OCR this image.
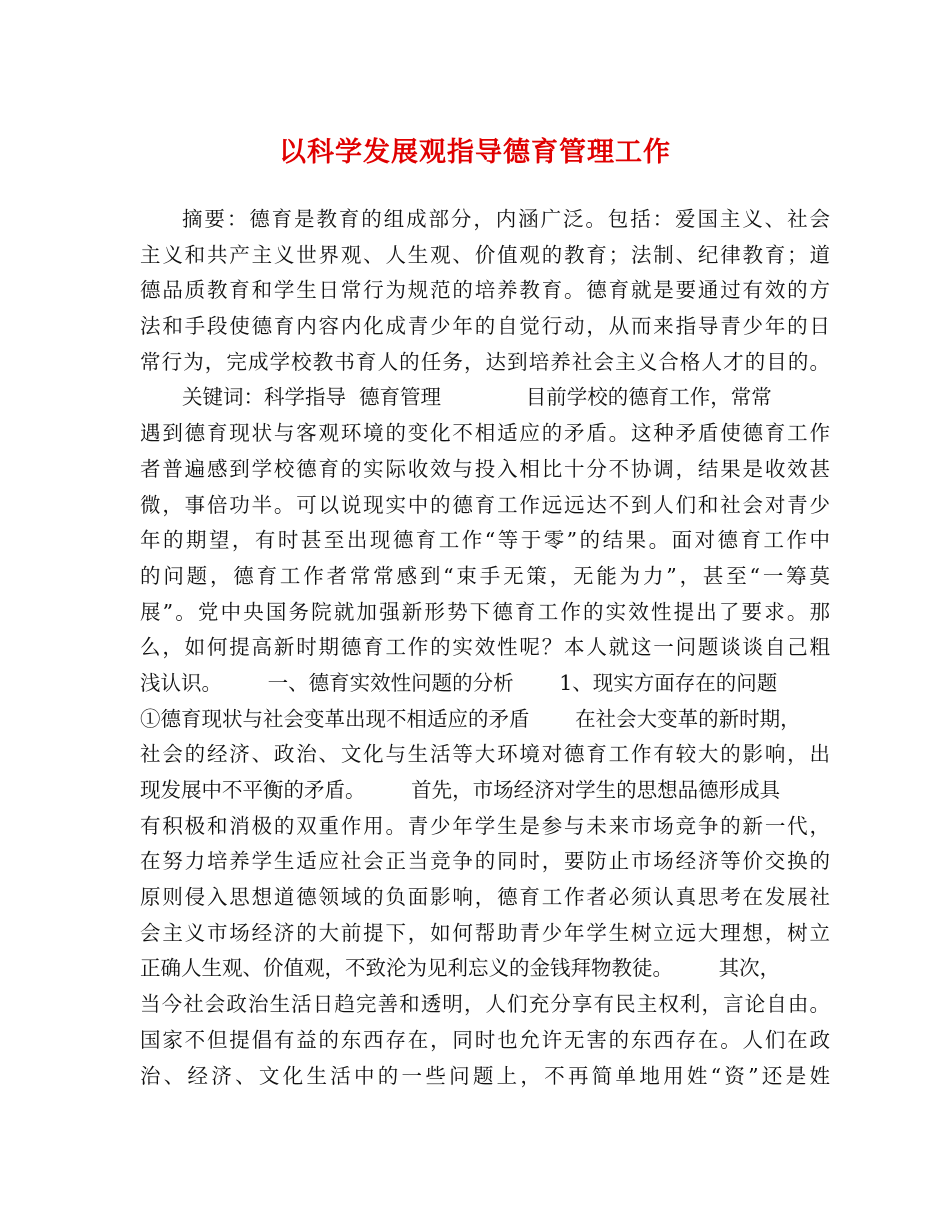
以科学发展观指导德育管理工作
摘要：德育是教育的组成部分，内涵广泛。包括：爱国主义、社会
主义和共产主义世界观、人生观、价值观的教育；法制、纪律教育；道
德品质教育和学生日常行为规范的培养教育。德育就是要通过有效的方
法和手段使德育内容内化成青少年的自觉行动，从而来指导青少年的日
常行为，完成学校教书育人的任务，达到培养社会主义合格人才的目的。
关键词：科学指导  德育管理             目前学校的德育工作，常常
遇到德育现状与客观环境的变化不相适应的矛盾。这种矛盾使德育工作
者普遍感到学校德育的实际收效与投入相比十分不协调，结果是收效甚
微，事倍功半。可以说现实中的德育工作远远达不到人们和社会对青少
年的期望，有时甚至出现德育工作“等于零”的结果。面对德育工作中
的问题，德育工作者常常感到“束手无策，无能为力”，甚至“一筹莫
展”。党中央国务院就加强新形势下德育工作的实效性提出了要求。那
么，如何提高新时期德育工作的实效性呢？本人就这一问题谈谈自己粗
浅认识。       一、德育实效性问题的分析       1、现实方面存在的问题
①德育现状与社会变革出现不相适应的矛盾       在社会大变革的新时期，
社会的经济、政治、文化与生活等大环境对德育工作有较大的影响，出
现发展中不平衡的矛盾。       首先，市场经济对学生的思想品德形成具
有积极和消极的双重作用。青少年学生是参与未来市场竞争的新一代，
在努力培养学生适应社会正当竞争的同时，要防止市场经济等价交换的
原则侵入思想道德领域的负面影响，德育工作者必须认真思考在发展社
会主义市场经济的大前提下，如何帮助青少年学生树立远大理想，树立
正确人生观、价值观，不致沦为见利忘义的金钱拜物教徒。       其次，
当今社会政治生活日趋完善和透明，人们充分享有民主权利，言论自由。
国家不但提倡有益的东西存在，同时也允许无害的东西存在。人们在政
治、经济、文化生活中的一些问题上，不再简单地用姓“资”还是姓
